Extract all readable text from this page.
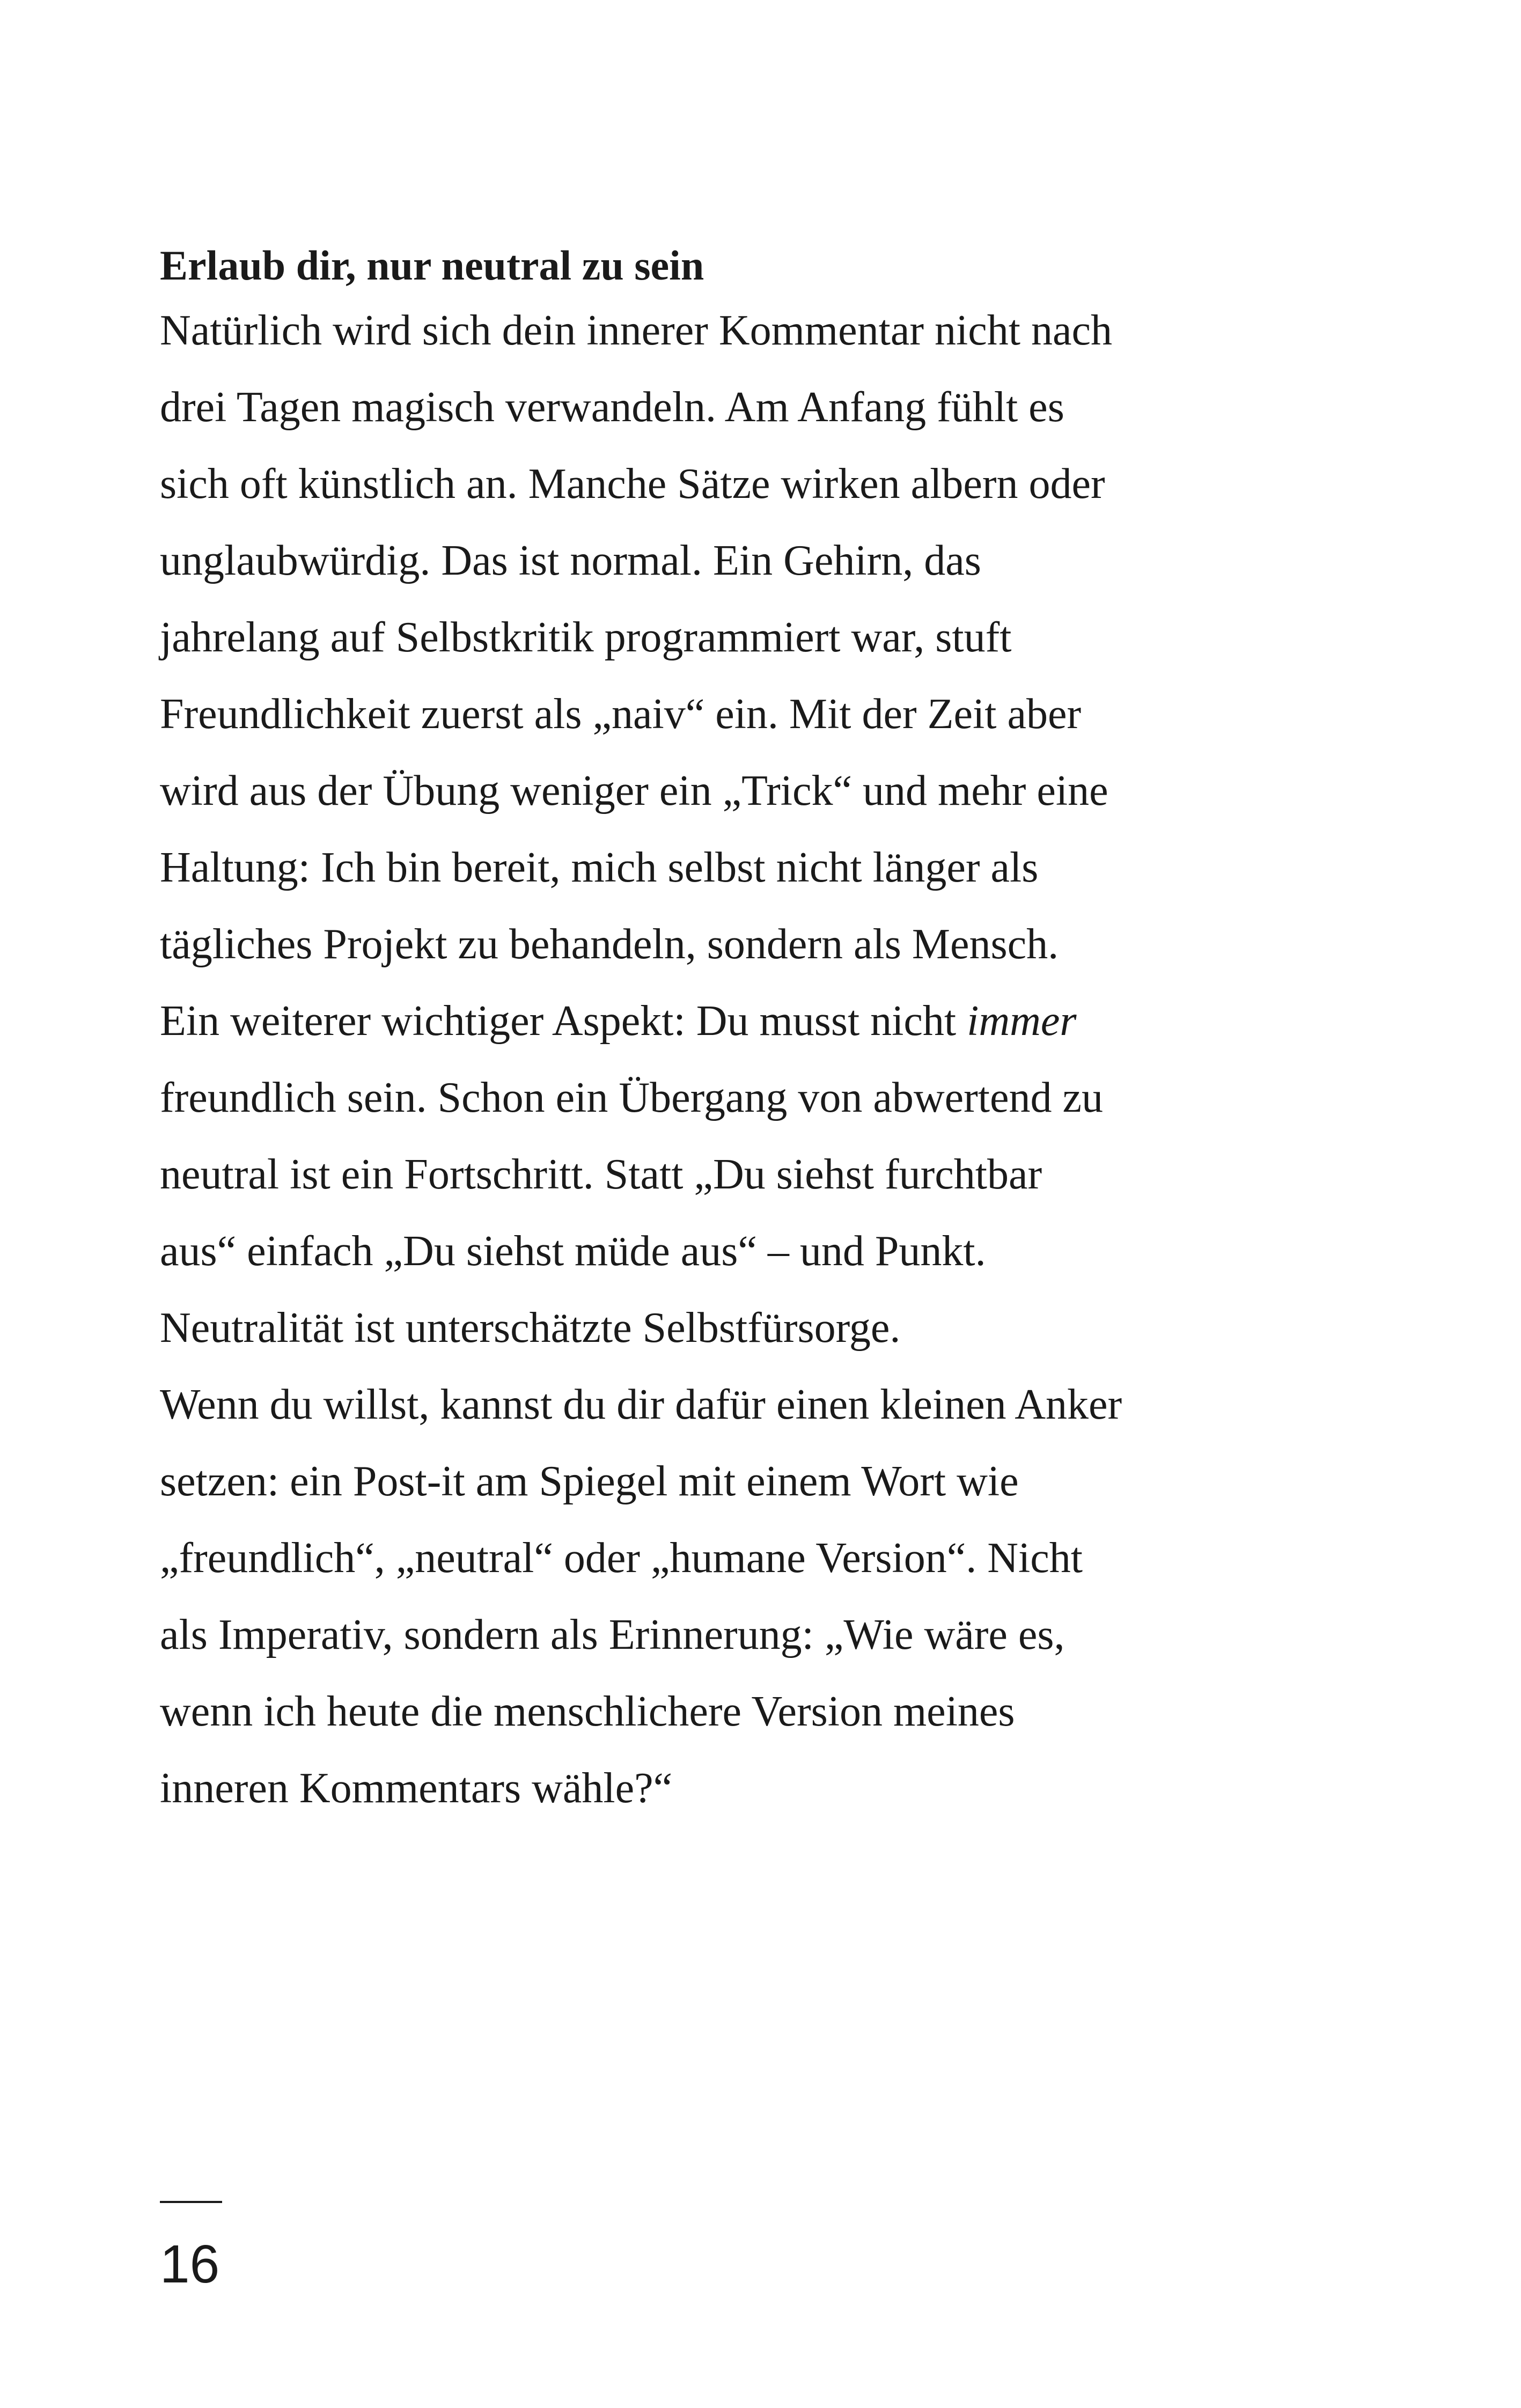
Erlaub dir, nur neutral zu sein

Natürlich wird sich dein innerer Kommentar nicht nach

drei Tagen magisch verwandeln. Am Anfang fühlt es

sich oft künstlich an. Manche Sätze wirken albern oder

unglaubwürdig. Das ist normal. Ein Gehirn, das

jahrelang auf Selbstkritik programmiert war, stuft

Freundlichkeit zuerst als „naiv“ ein. Mit der Zeit aber

wird aus der Übung weniger ein „Trick“ und mehr eine

Haltung: Ich bin bereit, mich selbst nicht länger als

tägliches Projekt zu behandeln, sondern als Mensch.

Ein weiterer wichtiger Aspekt: Du musst nicht immer

freundlich sein. Schon ein Übergang von abwertend zu

neutral ist ein Fortschritt. Statt „Du siehst furchtbar

aus“ einfach „Du siehst müde aus“ – und Punkt.

Neutralität ist unterschätzte Selbstfürsorge.

Wenn du willst, kannst du dir dafür einen kleinen Anker

setzen: ein Post-it am Spiegel mit einem Wort wie

„freundlich“, „neutral“ oder „humane Version“. Nicht

als Imperativ, sondern als Erinnerung: „Wie wäre es,

wenn ich heute die menschlichere Version meines

inneren Kommentars wähle?“

16
